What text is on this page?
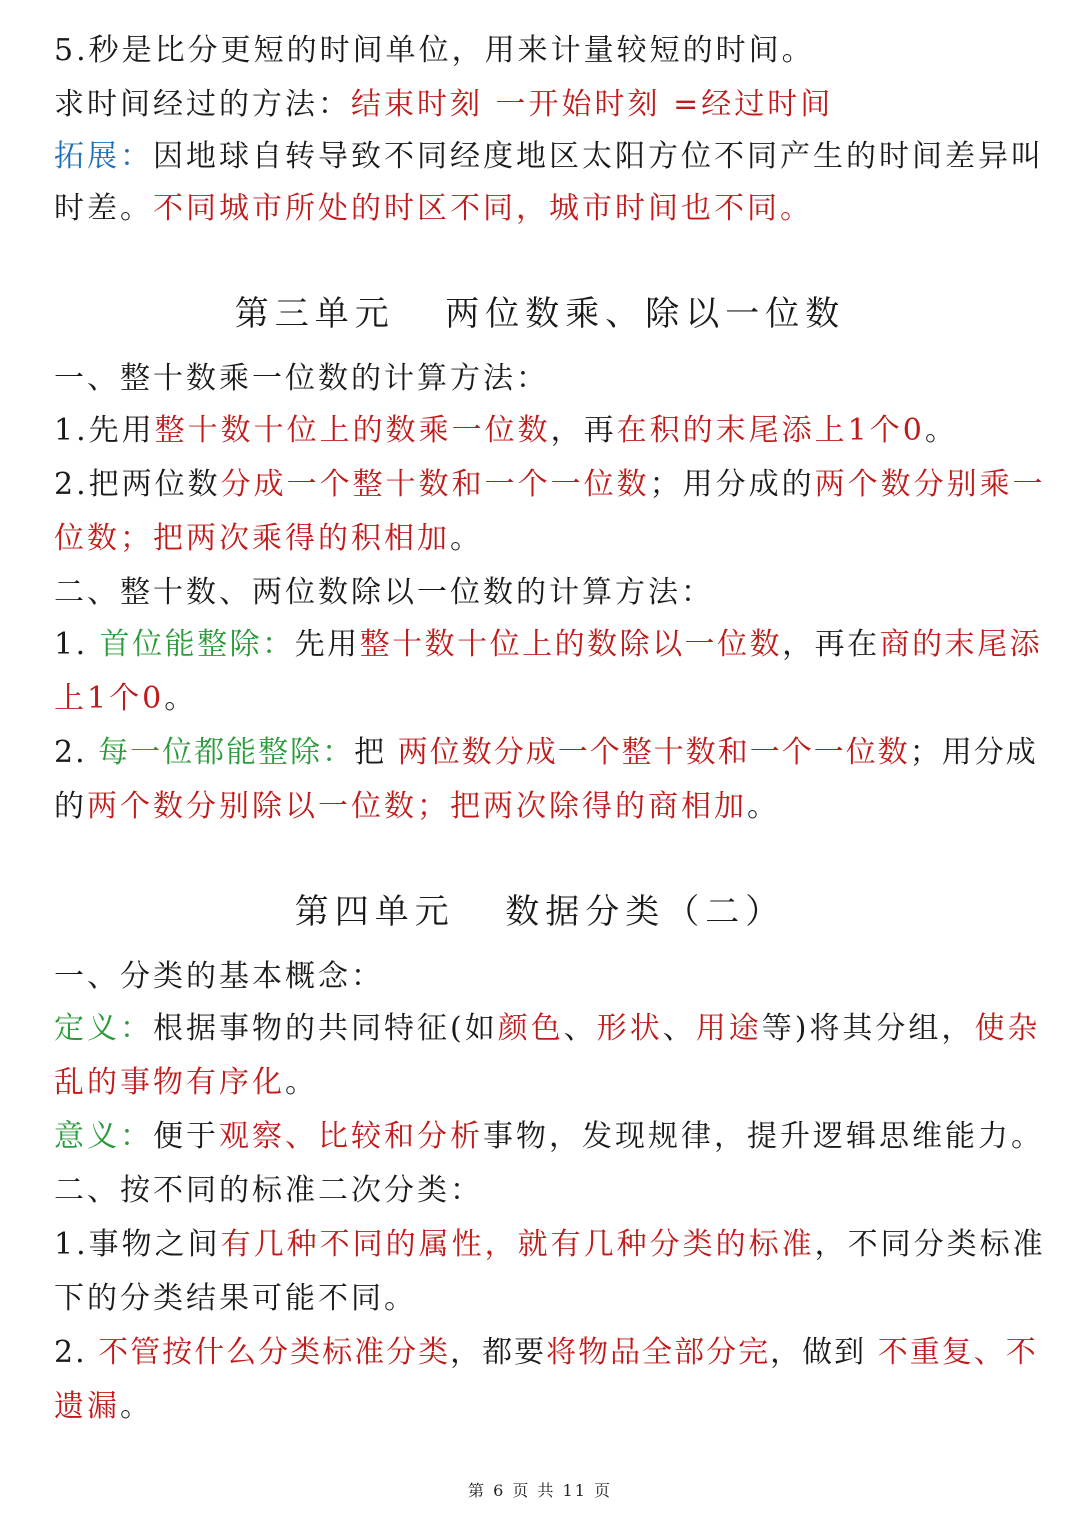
5.秒是比分更短的时间单位，用来计量较短的时间。
求时间经过的方法：结束时刻 一开始时刻 =经过时间
拓展：因地球自转导致不同经度地区太阳方位不同产生的时间差异叫
时差。不同城市所处的时区不同，城市时间也不同。
第三单元   两位数乘、除以一位数
一、整十数乘一位数的计算方法：
1.先用整十数十位上的数乘一位数，再在积的末尾添上1个0。
2.把两位数分成一个整十数和一个一位数；用分成的两个数分别乘一
位数；把两次乘得的积相加。
二、整十数、两位数除以一位数的计算方法：
1. 首位能整除：先用整十数十位上的数除以一位数，再在商的末尾添
上1个0。
2. 每一位都能整除：把 两位数分成一个整十数和一个一位数；用分成
的两个数分别除以一位数；把两次除得的商相加。
第四单元   数据分类（二）
一、分类的基本概念：
定义：根据事物的共同特征(如颜色、形状、用途等)将其分组，使杂
乱的事物有序化。
意义：便于观察、比较和分析事物，发现规律，提升逻辑思维能力。
二、按不同的标准二次分类：
1.事物之间有几种不同的属性，就有几种分类的标准，不同分类标准
下的分类结果可能不同。
2. 不管按什么分类标准分类，都要将物品全部分完，做到 不重复、不
遗漏。
第 6 页 共 11 页
